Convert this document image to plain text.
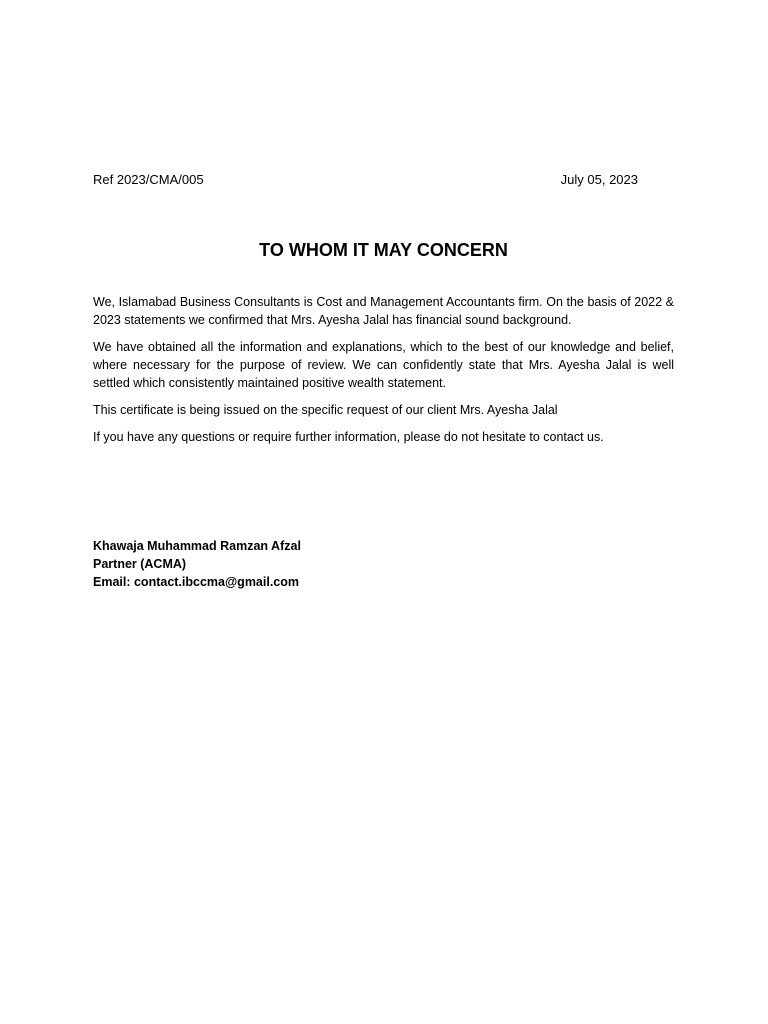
Ref 2023/CMA/005	July 05, 2023
TO WHOM IT MAY CONCERN

We, Islamabad Business Consultants is Cost and Management Accountants firm. On the basis of 2022 & 2023 statements we confirmed that Mrs. Ayesha Jalal has financial sound background.

We have obtained all the information and explanations, which to the best of our knowledge and belief, where necessary for the purpose of review. We can confidently state that Mrs. Ayesha Jalal is well settled which consistently maintained positive wealth statement.

This certificate is being issued on the specific request of our client Mrs. Ayesha Jalal

If you have any questions or require further information, please do not hesitate to contact us.

Khawaja Muhammad Ramzan Afzal
Partner (ACMA)
Email: contact.ibccma@gmail.com
